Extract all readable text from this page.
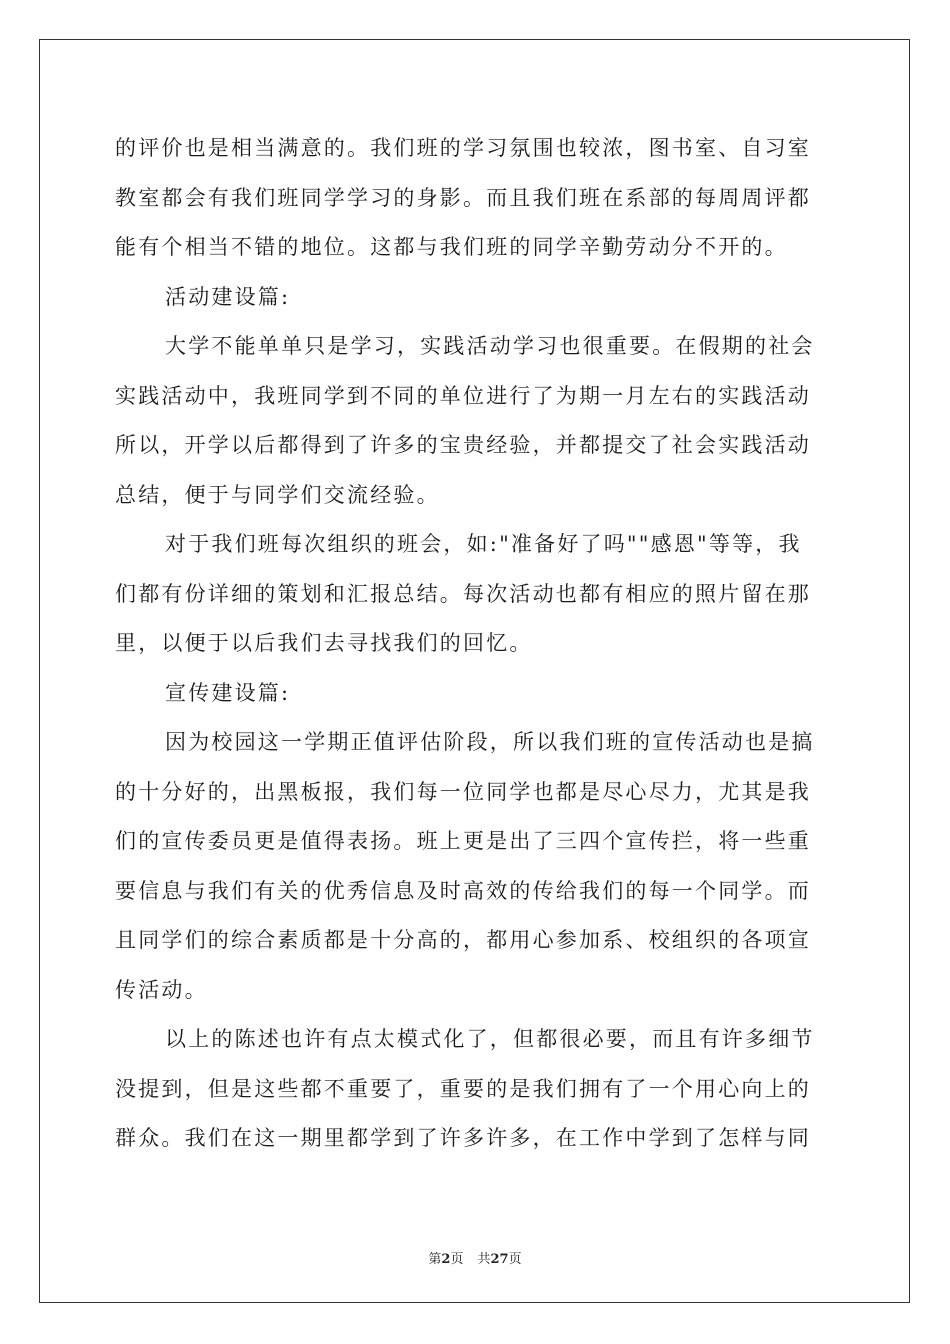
的评价也是相当满意的。我们班的学习氛围也较浓，图书室、自习室
教室都会有我们班同学学习的身影。而且我们班在系部的每周周评都
能有个相当不错的地位。这都与我们班的同学辛勤劳动分不开的。
活动建设篇:
大学不能单单只是学习，实践活动学习也很重要。在假期的社会
实践活动中，我班同学到不同的单位进行了为期一月左右的实践活动
所以，开学以后都得到了许多的宝贵经验，并都提交了社会实践活动
总结，便于与同学们交流经验。
对于我们班每次组织的班会，如:"准备好了吗""感恩"等等，我
们都有份详细的策划和汇报总结。每次活动也都有相应的照片留在那
里，以便于以后我们去寻找我们的回忆。
宣传建设篇:
因为校园这一学期正值评估阶段，所以我们班的宣传活动也是搞
的十分好的，出黑板报，我们每一位同学也都是尽心尽力，尤其是我
们的宣传委员更是值得表扬。班上更是出了三四个宣传拦，将一些重
要信息与我们有关的优秀信息及时高效的传给我们的每一个同学。而
且同学们的综合素质都是十分高的，都用心参加系、校组织的各项宣
传活动。
以上的陈述也许有点太模式化了，但都很必要，而且有许多细节
没提到，但是这些都不重要了，重要的是我们拥有了一个用心向上的
群众。我们在这一期里都学到了许多许多，在工作中学到了怎样与同
第2页 共27页
